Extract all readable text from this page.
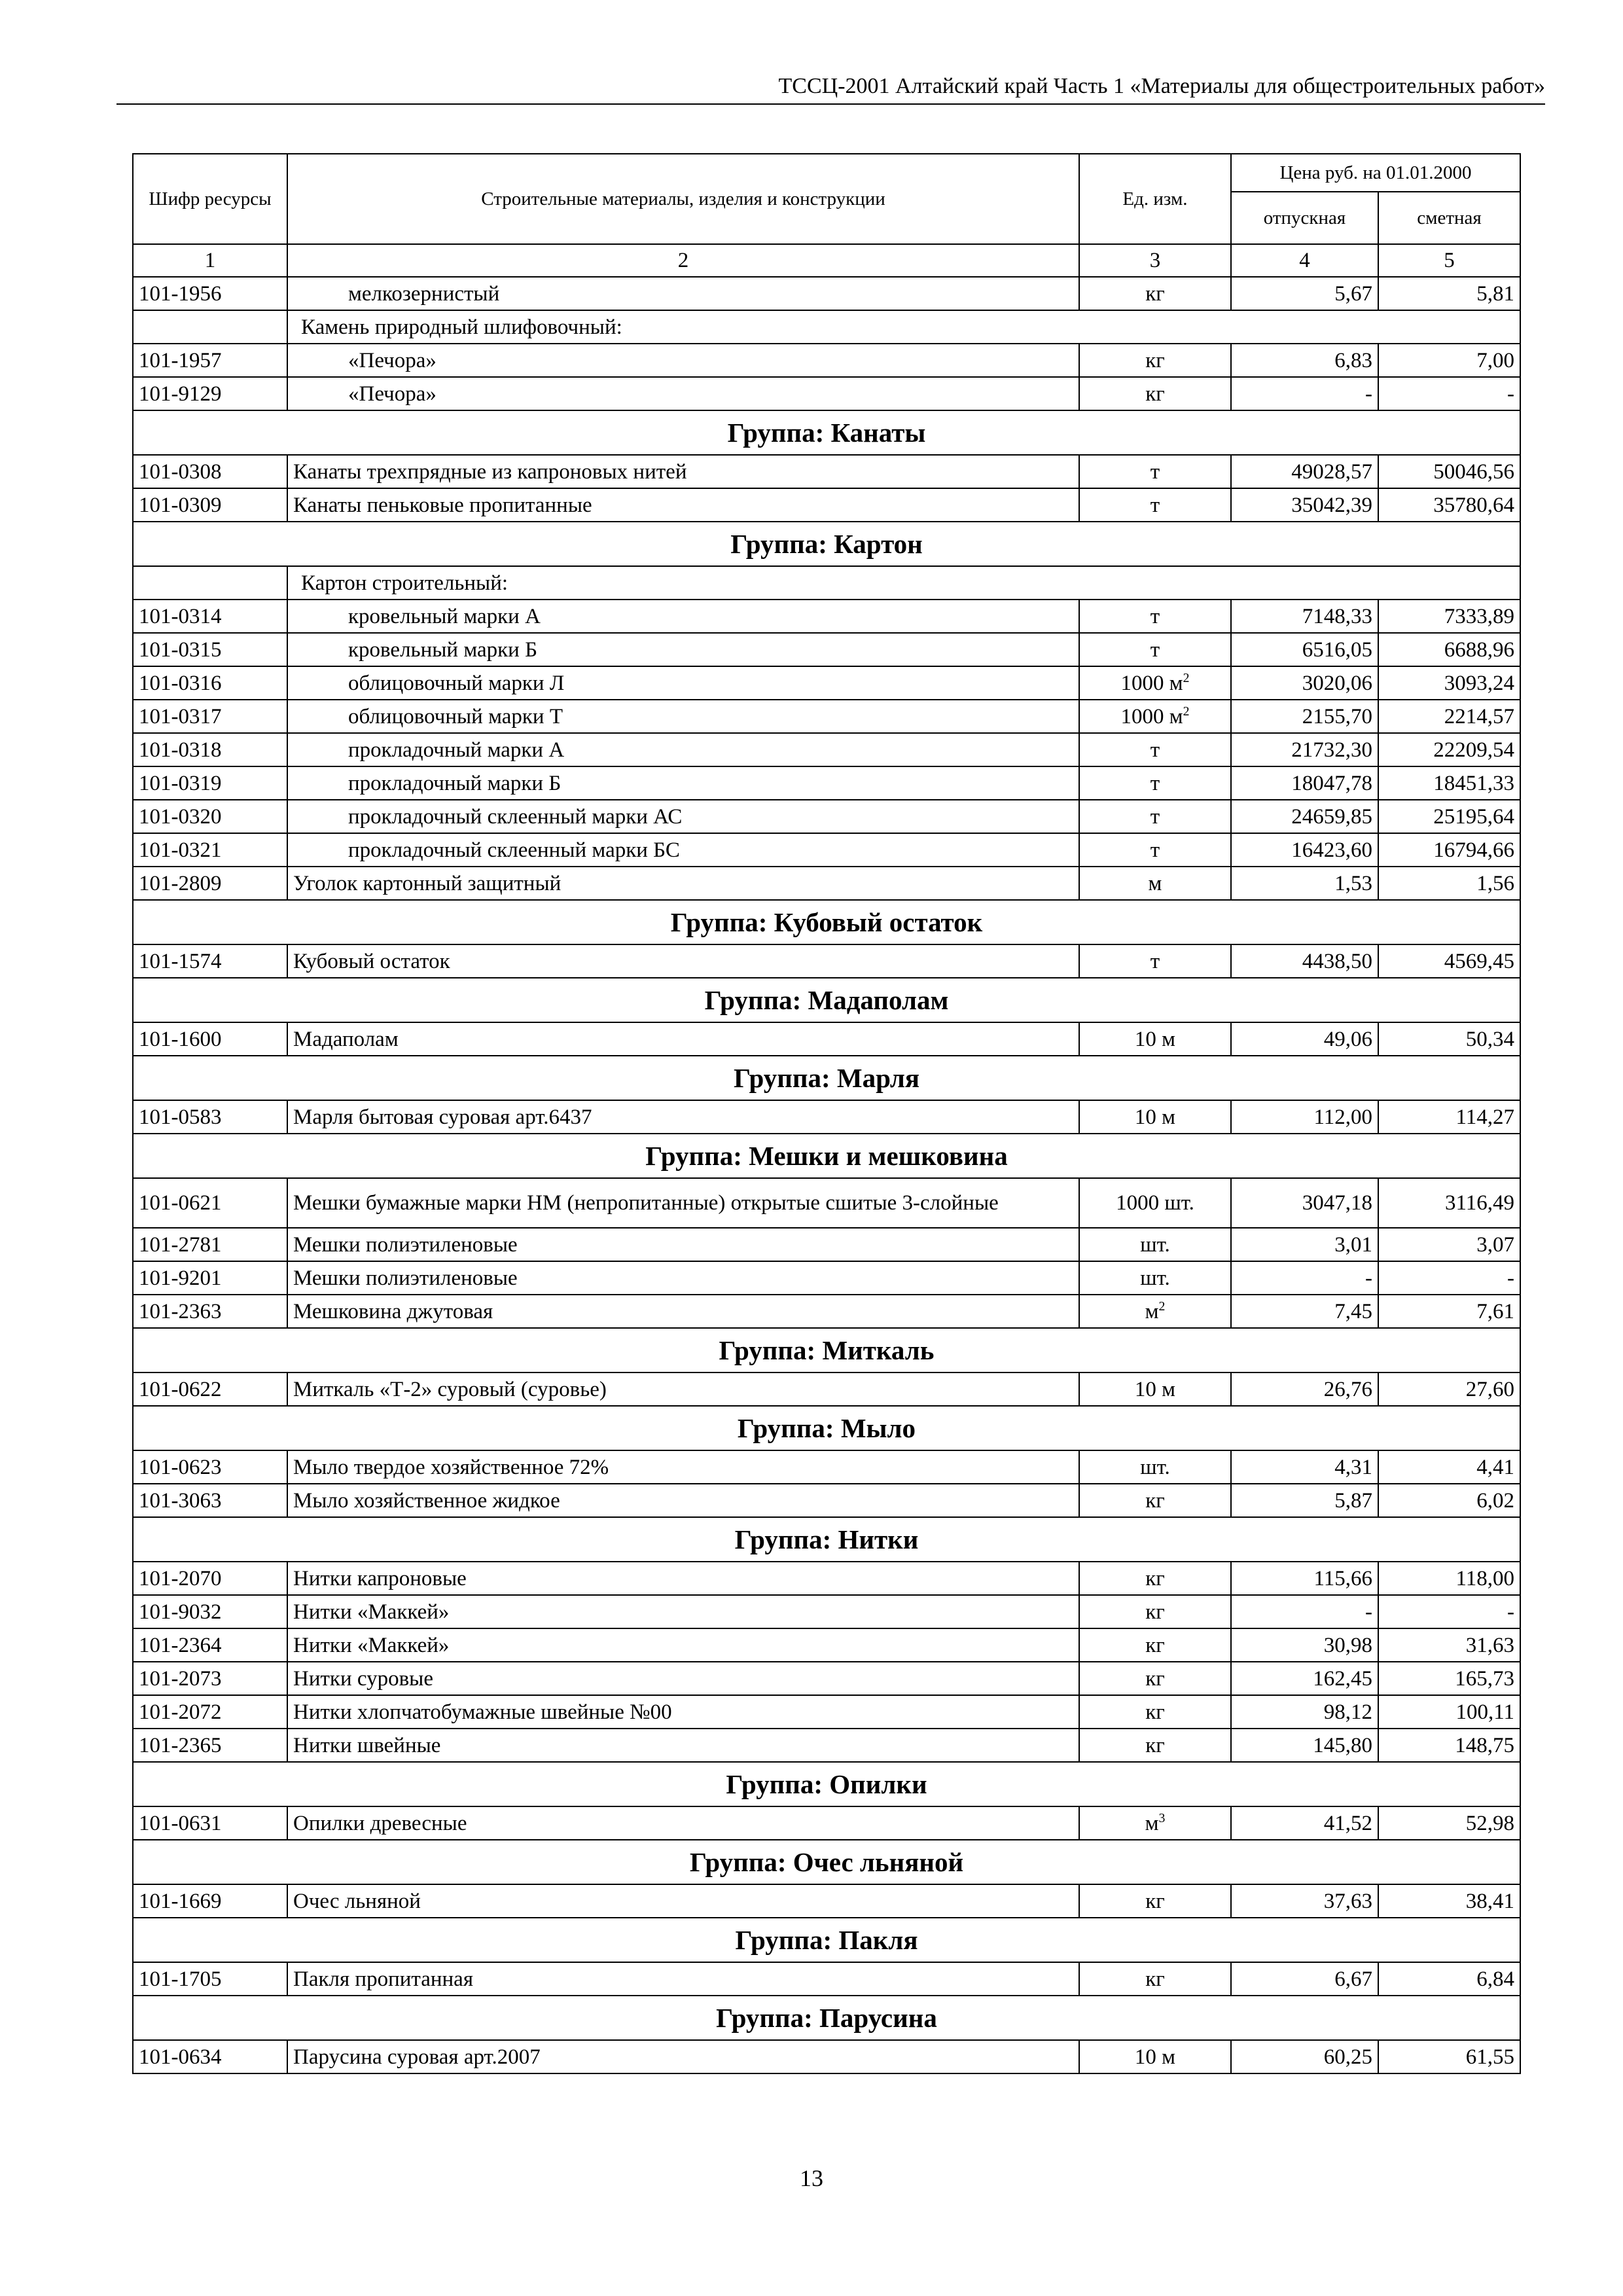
ТССЦ-2001 Алтайский край Часть 1 «Материалы для общестроительных работ»
Шифр ресурсы	Строительные материалы, изделия и конструкции	Ед. изм.	Цена руб. на 01.01.2000	
			отпускная	сметная
1	2	3	4	5
101-1956	мелкозернистый	кг	5,67	5,81
	Камень природный шлифовочный:			
101-1957	«Печора»	кг	6,83	7,00
101-9129	«Печора»	кг	-	-
Группа: Канаты				
101-0308	Канаты трехпрядные из капроновых нитей	т	49028,57	50046,56
101-0309	Канаты пеньковые пропитанные	т	35042,39	35780,64
Группа: Картон				
	Картон строительный:			
101-0314	кровельный марки А	т	7148,33	7333,89
101-0315	кровельный марки Б	т	6516,05	6688,96
101-0316	облицовочный марки Л	1000 $м^2$	3020,06	3093,24
101-0317	облицовочный марки Т	1000 $м^2$	2155,70	2214,57
101-0318	прокладочный марки А	т	21732,30	22209,54
101-0319	прокладочный марки Б	т	18047,78	18451,33
101-0320	прокладочный склеенный марки АС	т	24659,85	25195,64
101-0321	прокладочный склеенный марки БС	т	16423,60	16794,66
101-2809	Уголок картонный защитный	м	1,53	1,56
Группа: Кубовый остаток				
101-1574	Кубовый остаток	т	4438,50	4569,45
Группа: Мадаполам				
101-1600	Мадаполам	10 м	49,06	50,34
Группа: Марля				
101-0583	Марля бытовая суровая арт.6437	10 м	112,00	114,27
Группа: Мешки и мешковина				
101-0621	Мешки бумажные марки НМ (непропитанные) открытые сшитые 3-слойные	1000 шт.	3047,18	3116,49
101-2781	Мешки полиэтиленовые	шт.	3,01	3,07
101-9201	Мешки полиэтиленовые	шт.	-	-
101-2363	Мешковина джутовая	$м^2$	7,45	7,61
Группа: Миткаль				
101-0622	Миткаль «Т-2» суровый (суровье)	10 м	26,76	27,60
Группа: Мыло				
101-0623	Мыло твердое хозяйственное 72%	шт.	4,31	4,41
101-3063	Мыло хозяйственное жидкое	кг	5,87	6,02
Группа: Нитки				
101-2070	Нитки капроновые	кг	115,66	118,00
101-9032	Нитки «Маккей»	кг	-	-
101-2364	Нитки «Маккей»	кг	30,98	31,63
101-2073	Нитки суровые	кг	162,45	165,73
101-2072	Нитки хлопчатобумажные швейные №00	кг	98,12	100,11
101-2365	Нитки швейные	кг	145,80	148,75
Группа: Опилки				
101-0631	Опилки древесные	$м^3$	41,52	52,98
Группа: Очес льняной				
101-1669	Очес льняной	кг	37,63	38,41
Группа: Пакля				
101-1705	Пакля пропитанная	кг	6,67	6,84
Группа: Парусина				
101-0634	Парусина суровая арт.2007	10 м	60,25	61,55
13
